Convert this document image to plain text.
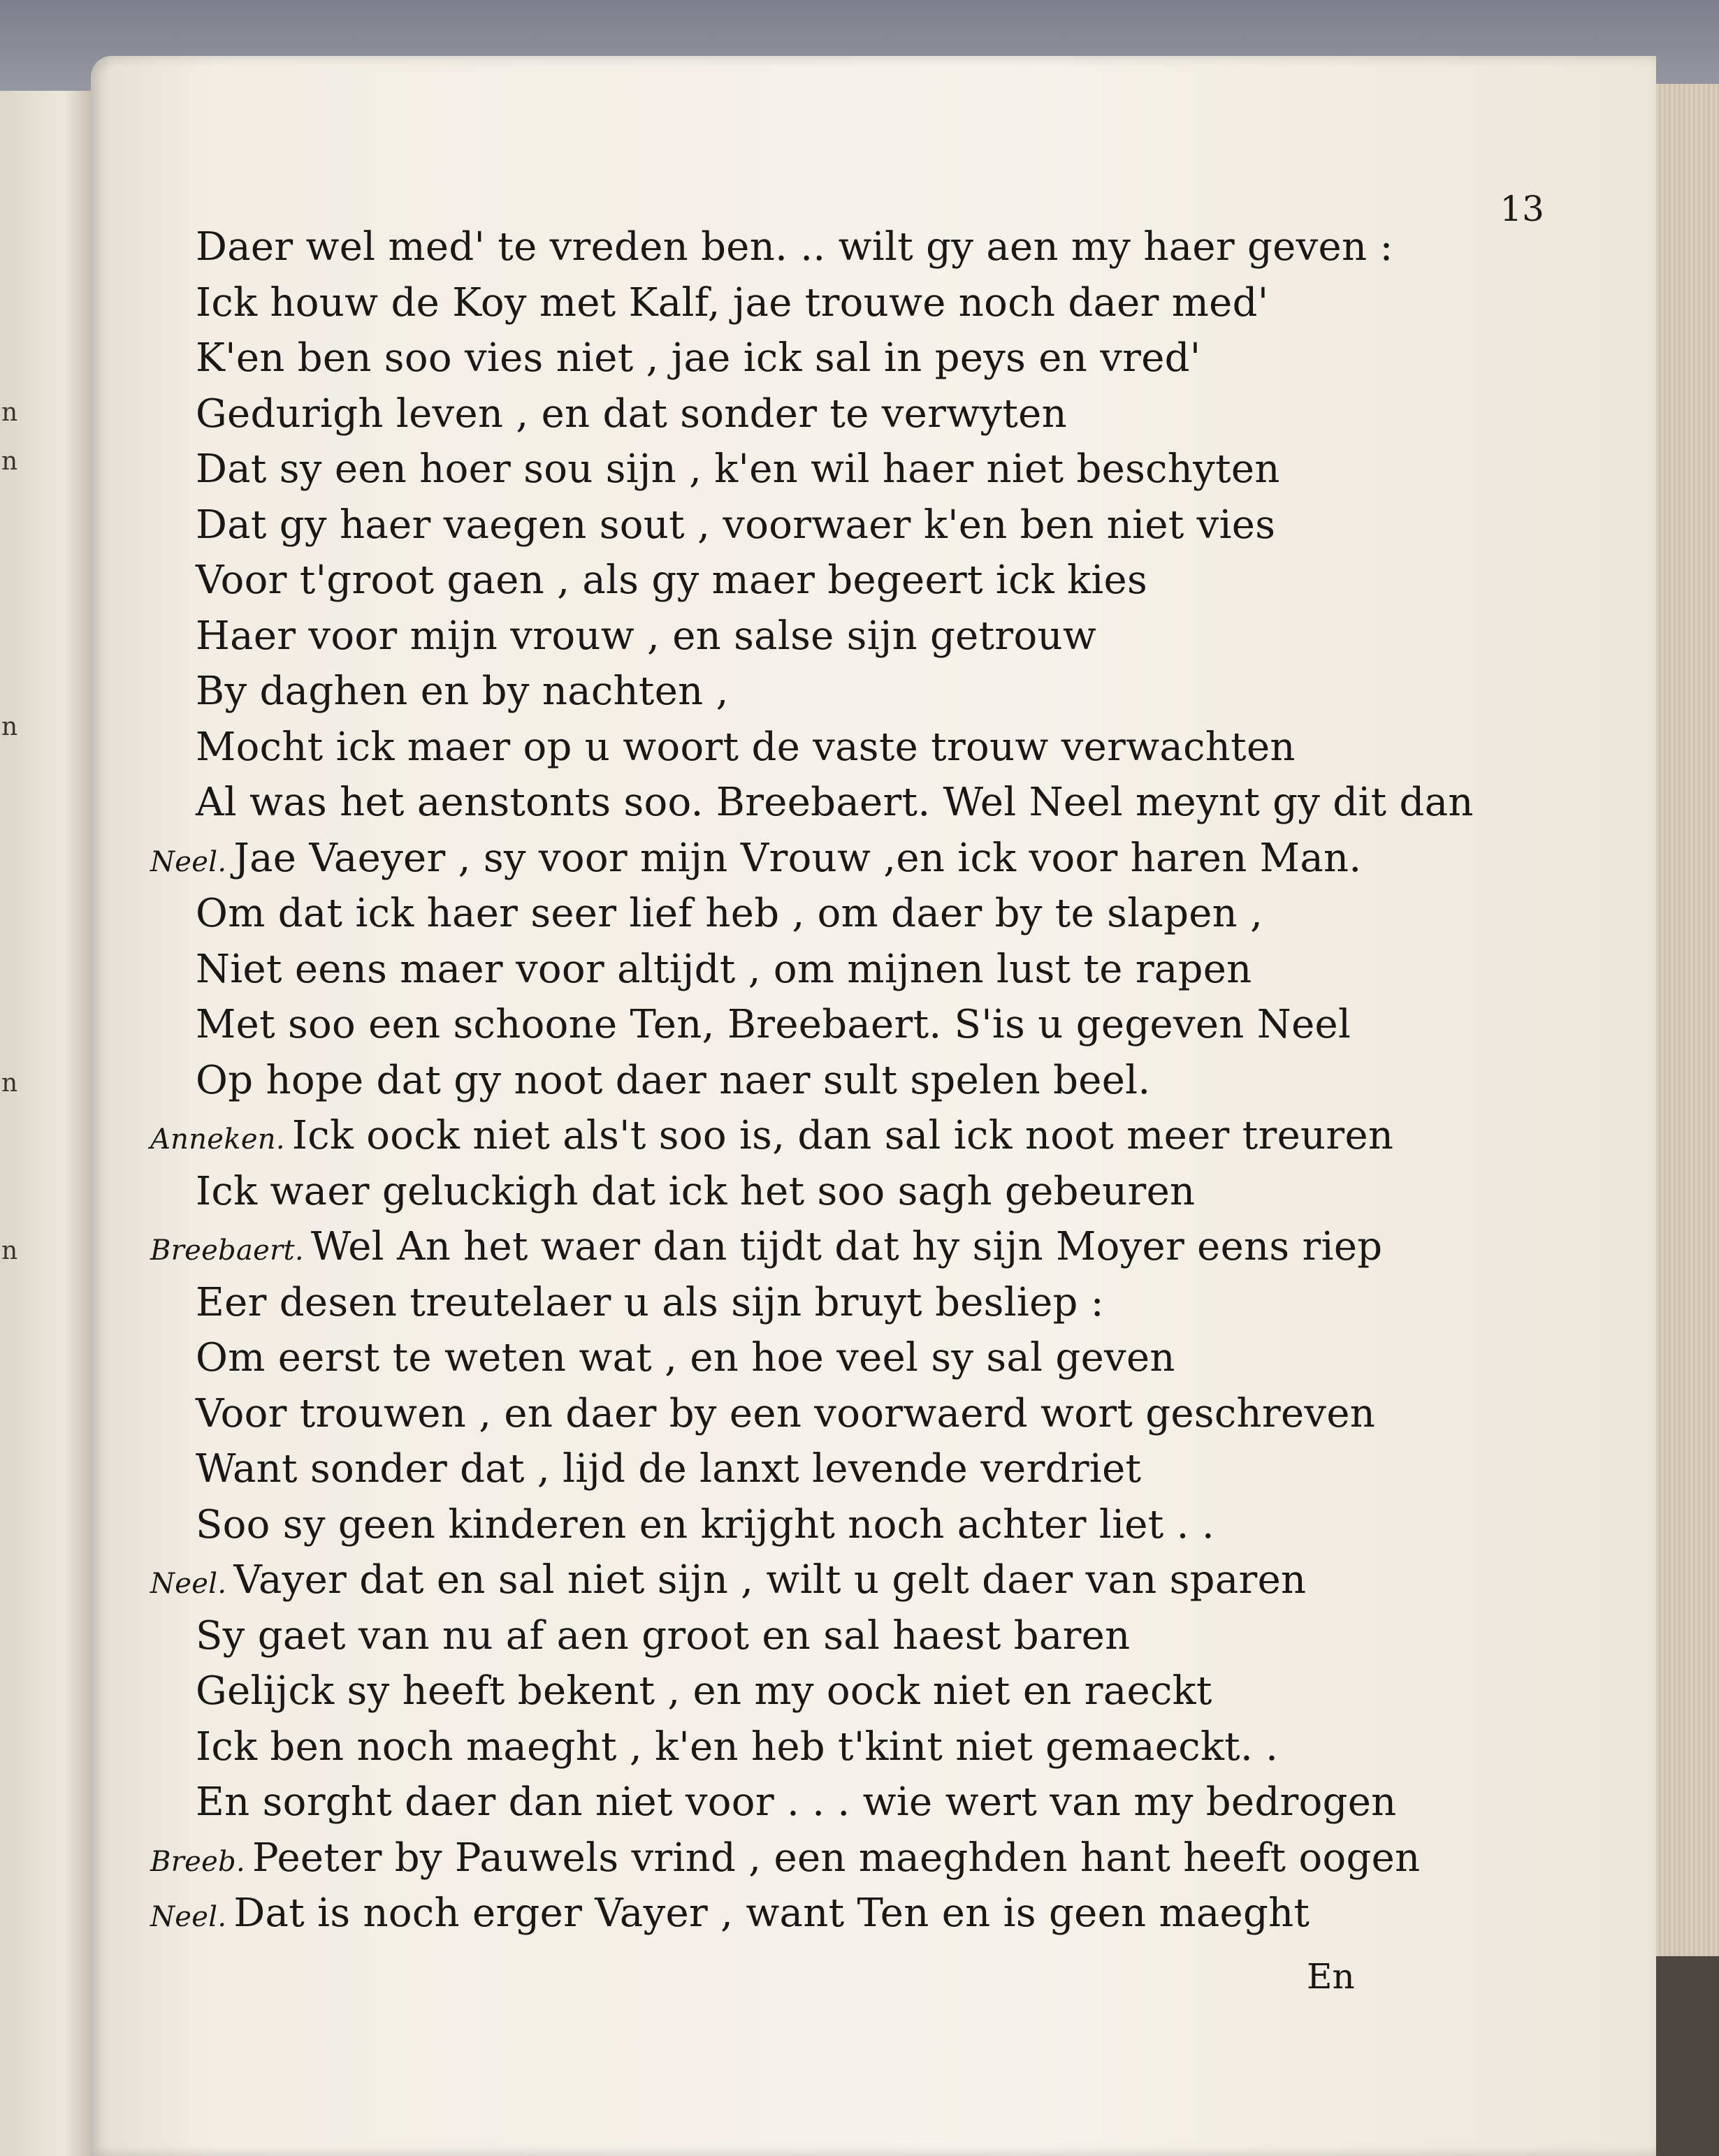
n
n
n
n
n
13
Daer wel med' te vreden ben. .. wilt gy aen my haer geven :
Ick houw de Koy met Kalf, jae trouwe noch daer med'
K'en ben soo vies niet , jae ick sal in peys en vred'
Gedurigh leven , en dat sonder te verwyten
Dat sy een hoer sou sijn , k'en wil haer niet beschyten
Dat gy haer vaegen sout , voorwaer k'en ben niet vies
Voor t'groot gaen , als gy maer begeert ick kies
Haer voor mijn vrouw , en salse sijn getrouw
By daghen en by nachten ,
Mocht ick maer op u woort de vaste trouw verwachten
Al was het aenstonts soo. Breebaert. Wel Neel meynt gy dit dan
Neel. Jae Vaeyer , sy voor mijn Vrouw ,en ick voor haren Man.
Om dat ick haer seer lief heb , om daer by te slapen ,
Niet eens maer voor altijdt , om mijnen lust te rapen
Met soo een schoone Ten, Breebaert. S'is u gegeven Neel
Op hope dat gy noot daer naer sult spelen beel.
Anneken. Ick oock niet als't soo is, dan sal ick noot meer treuren
Ick waer geluckigh dat ick het soo sagh gebeuren
Breebaert. Wel An het waer dan tijdt dat hy sijn Moyer eens riep
Eer desen treutelaer u als sijn bruyt besliep :
Om eerst te weten wat , en hoe veel sy sal geven
Voor trouwen , en daer by een voorwaerd wort geschreven
Want sonder dat , lijd de lanxt levende verdriet
Soo sy geen kinderen en krijght noch achter liet . .
Neel. Vayer dat en sal niet sijn , wilt u gelt daer van sparen
Sy gaet van nu af aen groot en sal haest baren
Gelijck sy heeft bekent , en my oock niet en raeckt
Ick ben noch maeght , k'en heb t'kint niet gemaeckt. .
En sorght daer dan niet voor . . . wie wert van my bedrogen
Breeb. Peeter by Pauwels vrind , een maeghden hant heeft oogen
Neel. Dat is noch erger Vayer , want Ten en is geen maeght
En
